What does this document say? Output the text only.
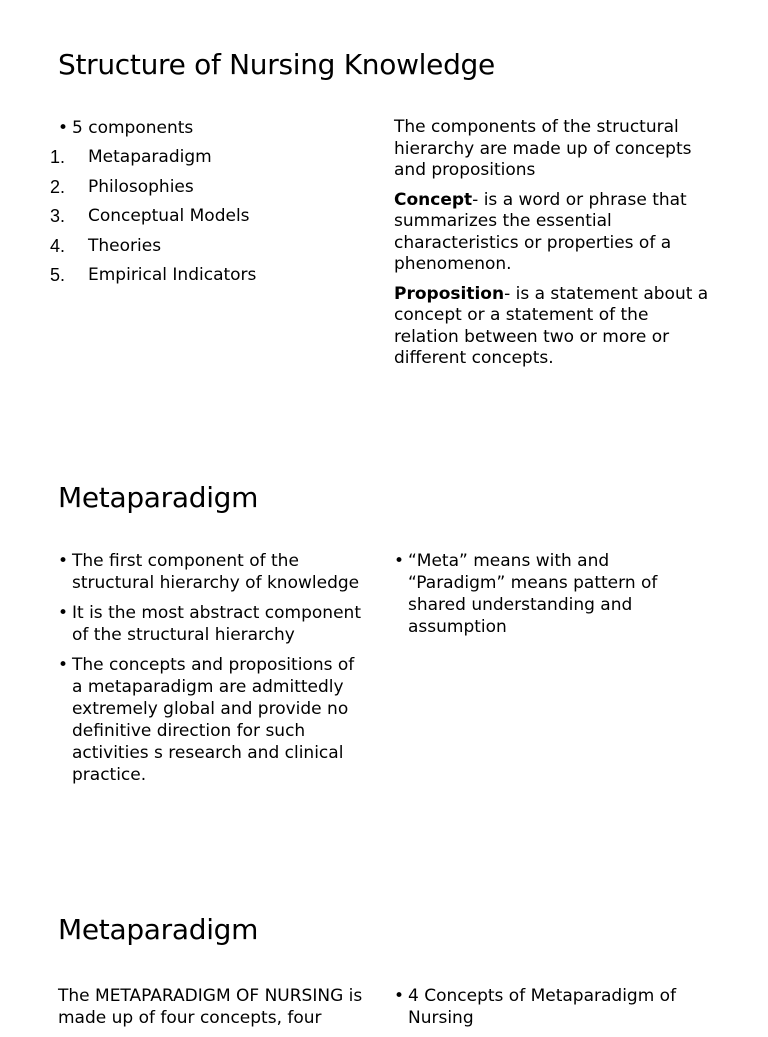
Structure of Nursing Knowledge
• 5 components
1. Metaparadigm
2. Philosophies
3. Conceptual Models
4. Theories
5. Empirical Indicators

The components of the structural hierarchy are made up of concepts and propositions

Concept- is a word or phrase that summarizes the essential characteristics or properties of a phenomenon.

Proposition- is a statement about a concept or a statement of the relation between two or more or different concepts.

Metaparadigm
• The first component of the structural hierarchy of knowledge
• It is the most abstract component of the structural hierarchy
• The concepts and propositions of a metaparadigm are admittedly extremely global and provide no definitive direction for such activities s research and clinical practice.
• “Meta” means with and “Paradigm” means pattern of shared understanding and assumption
Metaparadigm

The METAPARADIGM OF NURSING is made up of four concepts, four

• 4 Concepts of Metaparadigm of Nursing
